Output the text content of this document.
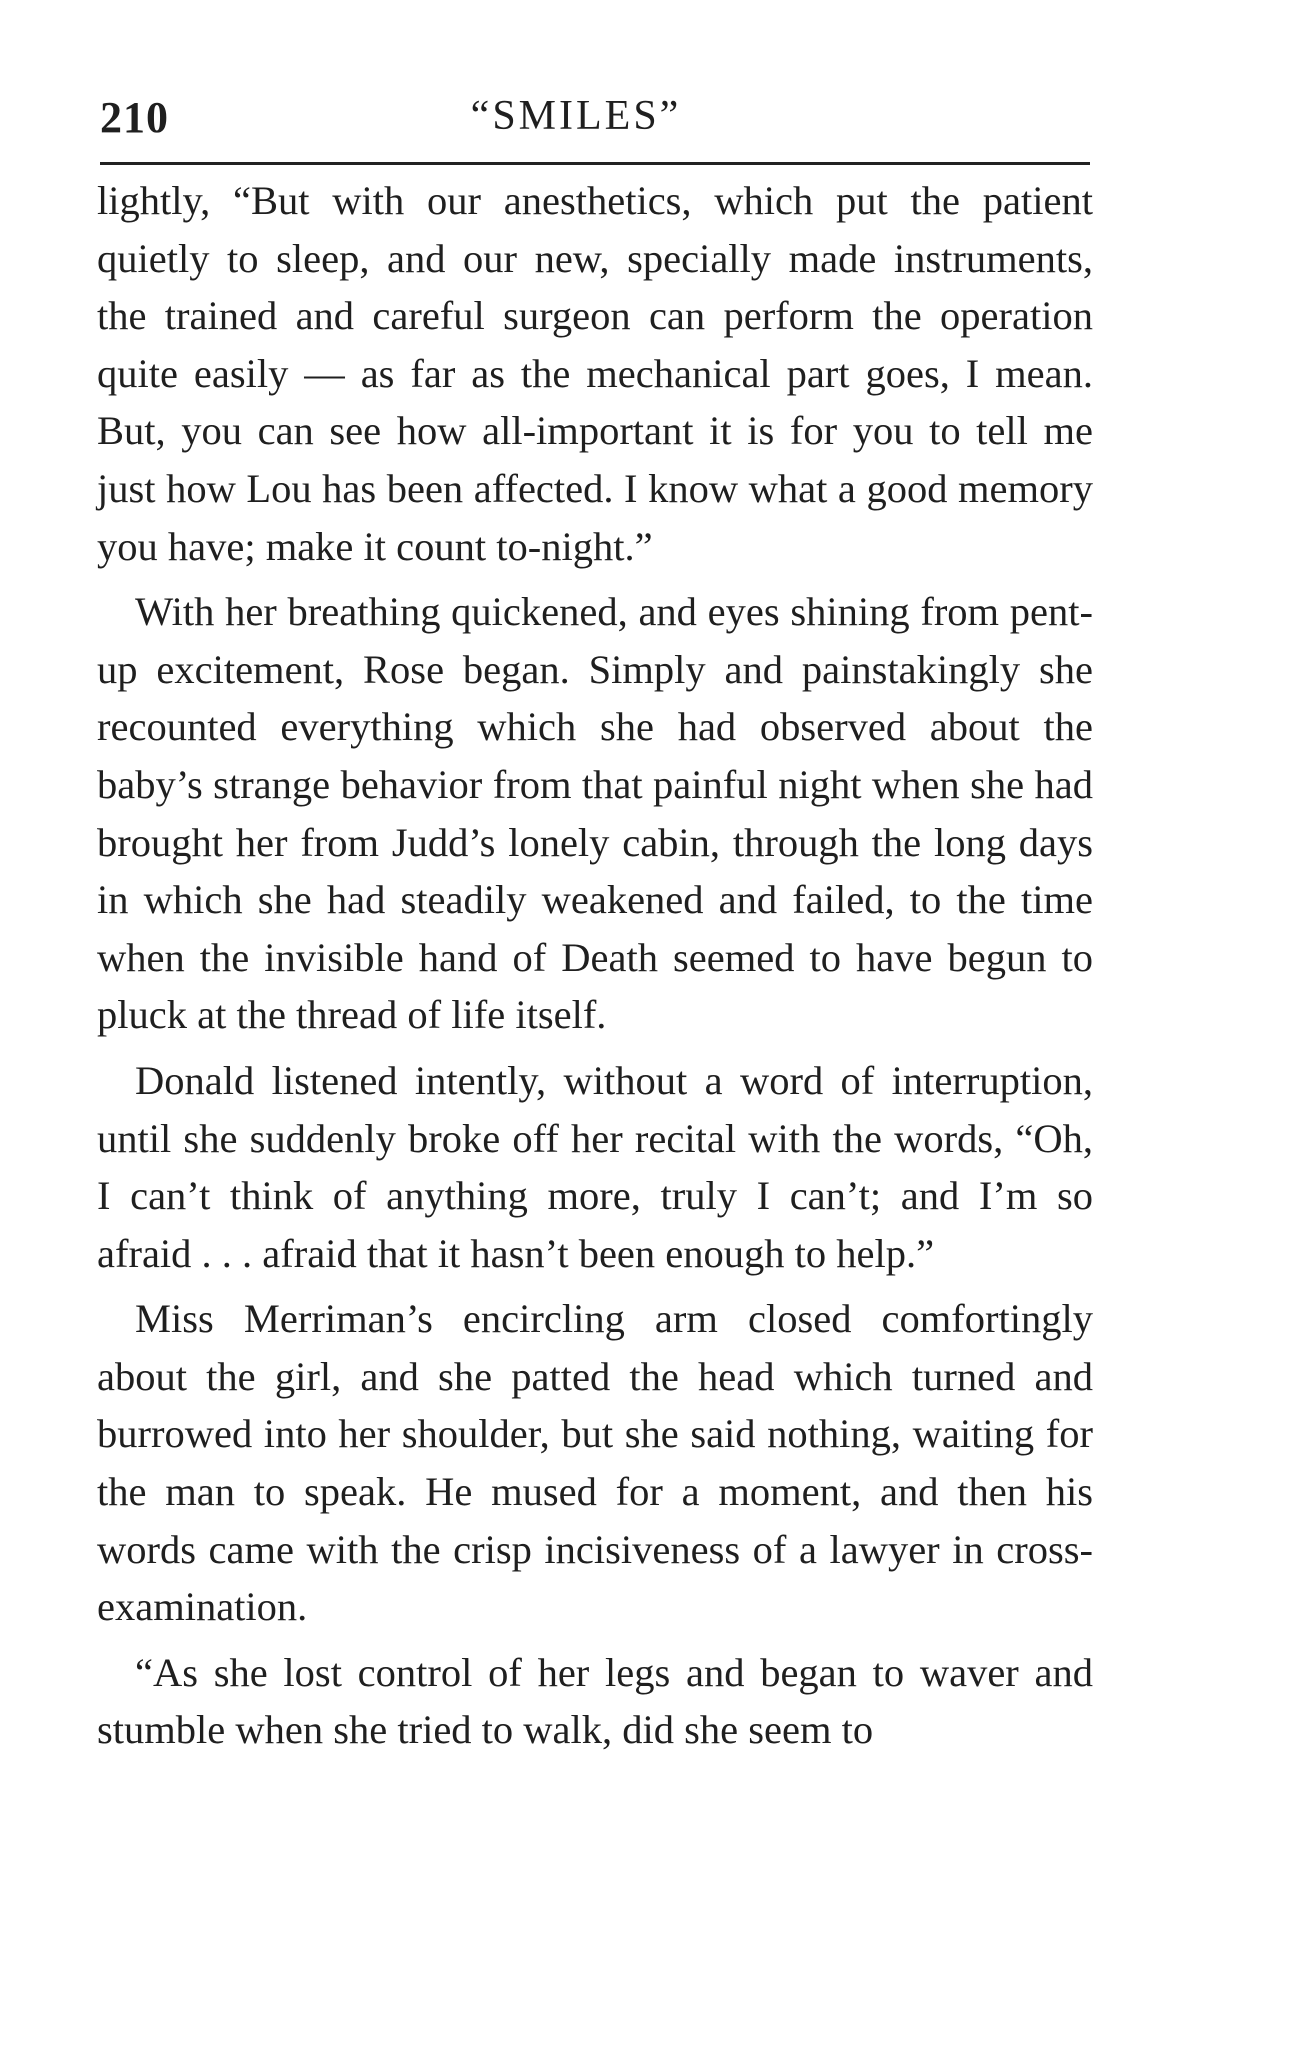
210	“SMILES”

lightly, “But with our anesthetics, which put the patient quietly to sleep, and our new, specially made instruments, the trained and careful surgeon can perform the operation quite easily — as far as the mechanical part goes, I mean. But, you can see how all-important it is for you to tell me just how Lou has been affected. I know what a good memory you have; make it count to-night.”

With her breathing quickened, and eyes shining from pent-up excitement, Rose began. Simply and painstakingly she recounted everything which she had observed about the baby’s strange behavior from that painful night when she had brought her from Judd’s lonely cabin, through the long days in which she had steadily weakened and failed, to the time when the invisible hand of Death seemed to have begun to pluck at the thread of life itself.

Donald listened intently, without a word of interruption, until she suddenly broke off her recital with the words, “Oh, I can’t think of anything more, truly I can’t; and I’m so afraid . . . afraid that it hasn’t been enough to help.”

Miss Merriman’s encircling arm closed comfortingly about the girl, and she patted the head which turned and burrowed into her shoulder, but she said nothing, waiting for the man to speak. He mused for a moment, and then his words came with the crisp incisiveness of a lawyer in cross-examination.

“As she lost control of her legs and began to waver and stumble when she tried to walk, did she seem to
